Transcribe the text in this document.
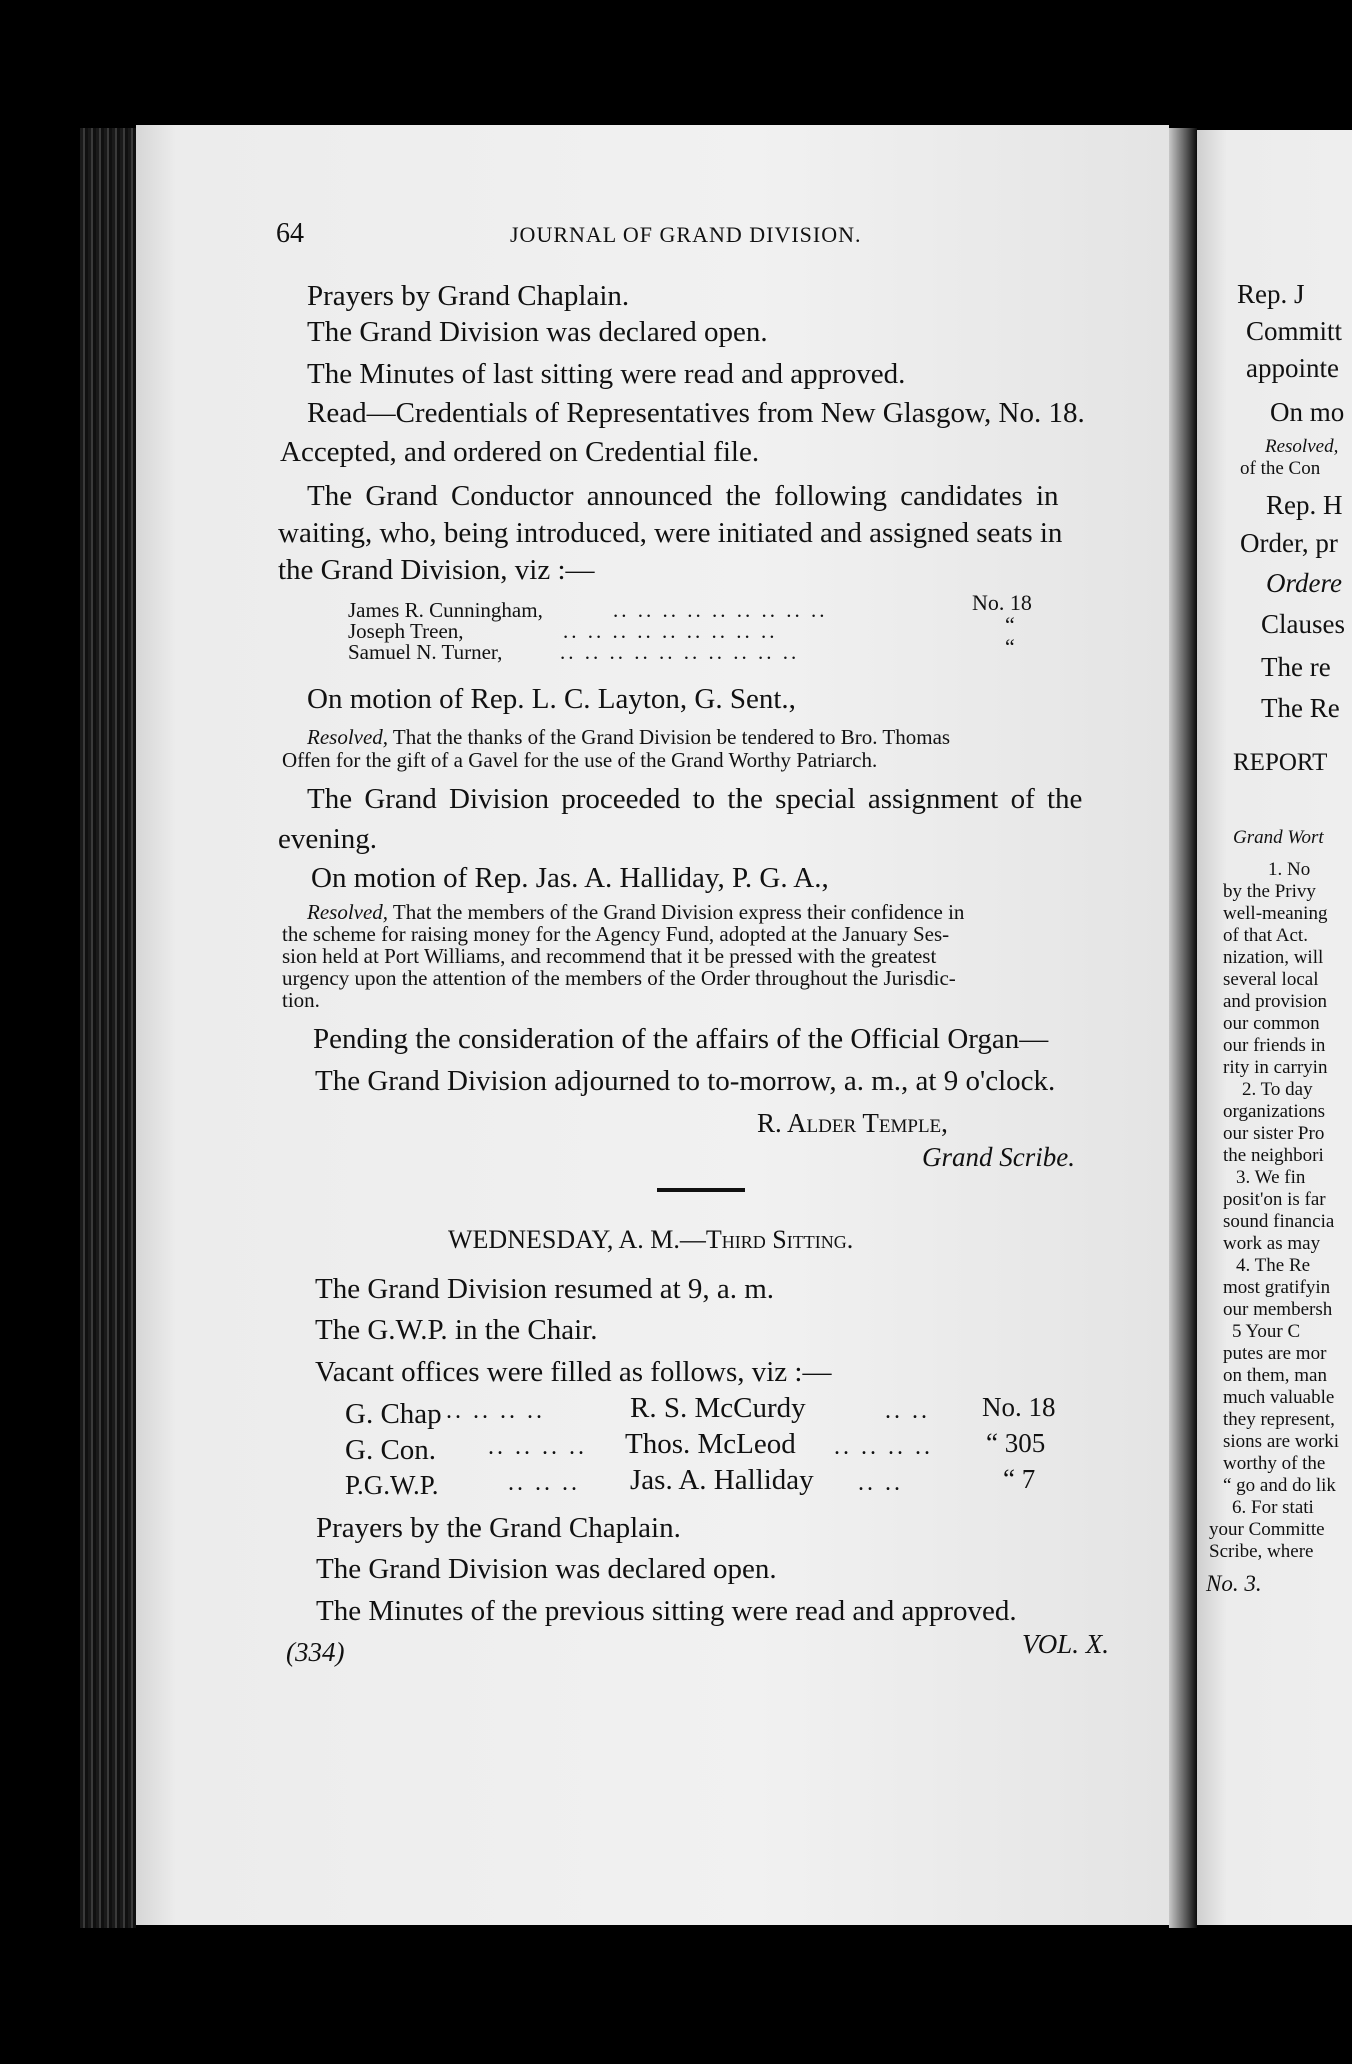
64	JOURNAL OF GRAND DIVISION.
Prayers by Grand Chaplain.
The Grand Division was declared open.
The Minutes of last sitting were read and approved.
Read—Credentials of Representatives from New Glasgow, No. 18.
Accepted, and ordered on Credential file.
The Grand Conductor announced the following candidates in
waiting, who, being introduced, were initiated and assigned seats in
the Grand Division, viz :—
James R. Cunningham,	.. .. .. .. .. .. .. .. ..	No. 18
Joseph Treen,	.. .. .. .. .. .. .. .. ..	“
Samuel N. Turner,	.. .. .. .. .. .. .. .. .. ..	“
On motion of Rep. L. C. Layton, G. Sent.,
Resolved, That the thanks of the Grand Division be tendered to Bro. Thomas
Offen for the gift of a Gavel for the use of the Grand Worthy Patriarch.
The Grand Division proceeded to the special assignment of the
evening.
On motion of Rep. Jas. A. Halliday, P. G. A.,
Resolved, That the members of the Grand Division express their confidence in
the scheme for raising money for the Agency Fund, adopted at the January Ses-
sion held at Port Williams, and recommend that it be pressed with the greatest
urgency upon the attention of the members of the Order throughout the Jurisdic-
tion.
Pending the consideration of the affairs of the Official Organ—
The Grand Division adjourned to to-morrow, a. m., at 9 o'clock.
R. Alder Temple,
Grand Scribe.
WEDNESDAY, A. M.—Third Sitting.
The Grand Division resumed at 9, a. m.
The G.W.P. in the Chair.
Vacant offices were filled as follows, viz :—
G. Chap .. .. .. ..	R. S. McCurdy	.. .. No. 18
G. Con. .. .. .. .. Thos. McLeod .. .. .. .. “ 305
P.G.W.P.	.. .. .. Jas. A. Halliday .. ..	“ 7
Prayers by the Grand Chaplain.
The Grand Division was declared open.
The Minutes of the previous sitting were read and approved.
(334)	VOL. X.
Rep. J
Committ
appointe
On mo
Resolved,
of the Con
Rep. H
Order, pr
Ordere
Clauses
The re
The Re
REPORT
Grand Wort
1. No
by the Privy
well-meaning
of that Act.
nization, will
several local
and provision
our common
our friends in
rity in carryin
2. To day
organizations
our sister Pro
the neighbori
3. We fin
posit'on is far
sound financia
work as may
4. The Re
most gratifyin
our membersh
5 Your C
putes are mor
on them, man
much valuable
they represent,
sions are worki
worthy of the
“ go and do lik
6. For stati
your Committe
Scribe, where
No. 3.
